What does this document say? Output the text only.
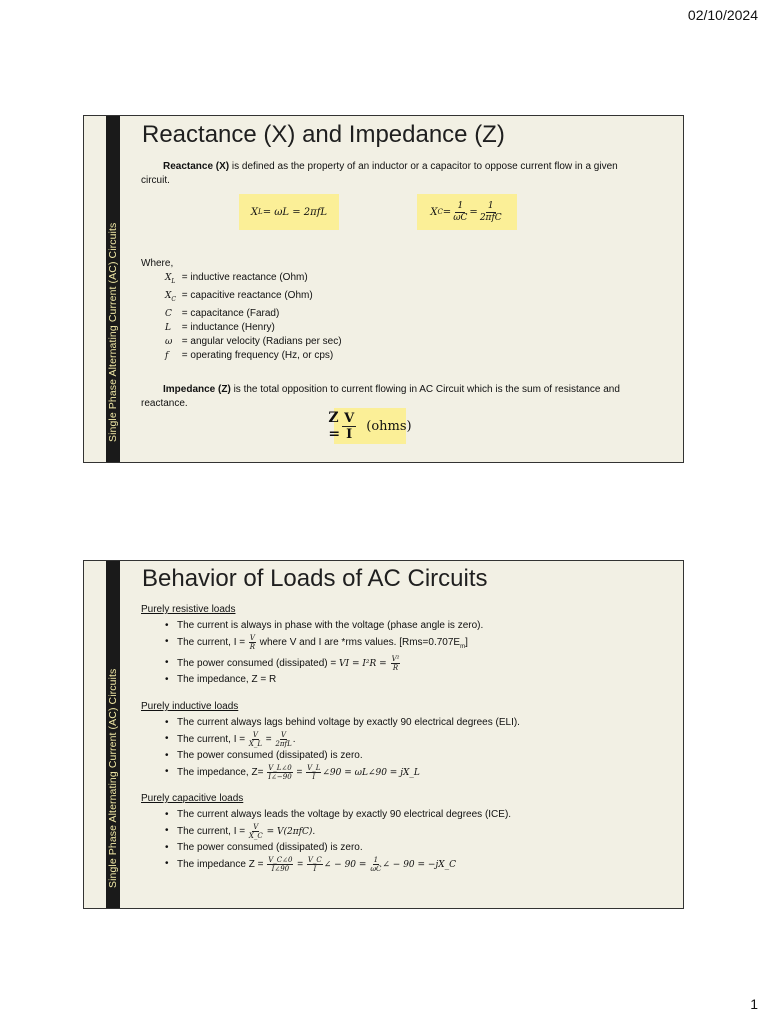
02/10/2024
Single Phase Alternating Current (AC) Circuits
Reactance (X) and Impedance (Z)
Reactance (X) is defined as the property of an inductor or a capacitor to oppose current flow in a given circuit.
X L = ωL = 2πfL	X $C = \frac{1}{\omega C} = \frac{1}{\text{2πfC}}$
Where,
$X_L$ = inductive reactance (Ohm)
$X_C$ = capacitive reactance (Ohm)
C = capacitance (Farad)
L = inductance (Henry)
ω = angular velocity (Radians per sec)
f = operating frequency (Hz, or cps)
Impedance (Z) is the total opposition to current flowing in AC Circuit which is the sum of resistance and reactance.
$Z = \frac{V}{I}$ (ohms)
Single Phase Alternating Current (AC) Circuits
Behavior of Loads of AC Circuits
Purely resistive loads
• The current is always in phase with the voltage (phase angle is zero).
• The current, $I = \frac{V}{R}$ where V and I are *rms values. $[Rms=0.707E_m]$
• The power consumed (dissipated) = VI = $I^2R = \frac{\text{V²}}{R}$
• The impedance, Z = R
Purely inductive loads
• The current always lags behind voltage by exactly 90 electrical degrees (ELI).
• The current, $I = \frac{V}{X\_L} = V$
2πfL .
• The power consumed (dissipated) is zero.
• The impedance, $Z= \frac{V\_L\angle 0}{I\angle-90} = \frac{V\_L}{I}$ ∠90 = ωL∠90 = jX_L
Purely capacitive loads
• The current always leads the voltage by exactly 90 electrical degrees (ICE).
• The current, $I = \frac{V}{X\_C} = V(2\pi fC)$.
• The power consumed (dissipated) is zero.
• The impedance $Z = \frac{V\_C\angle 0}{I\angle 90} = \frac{V\_C}{I}$ ∠ − $90 = \frac{1}{\omega C}$ ∠ − 90 = −jX_C
1
